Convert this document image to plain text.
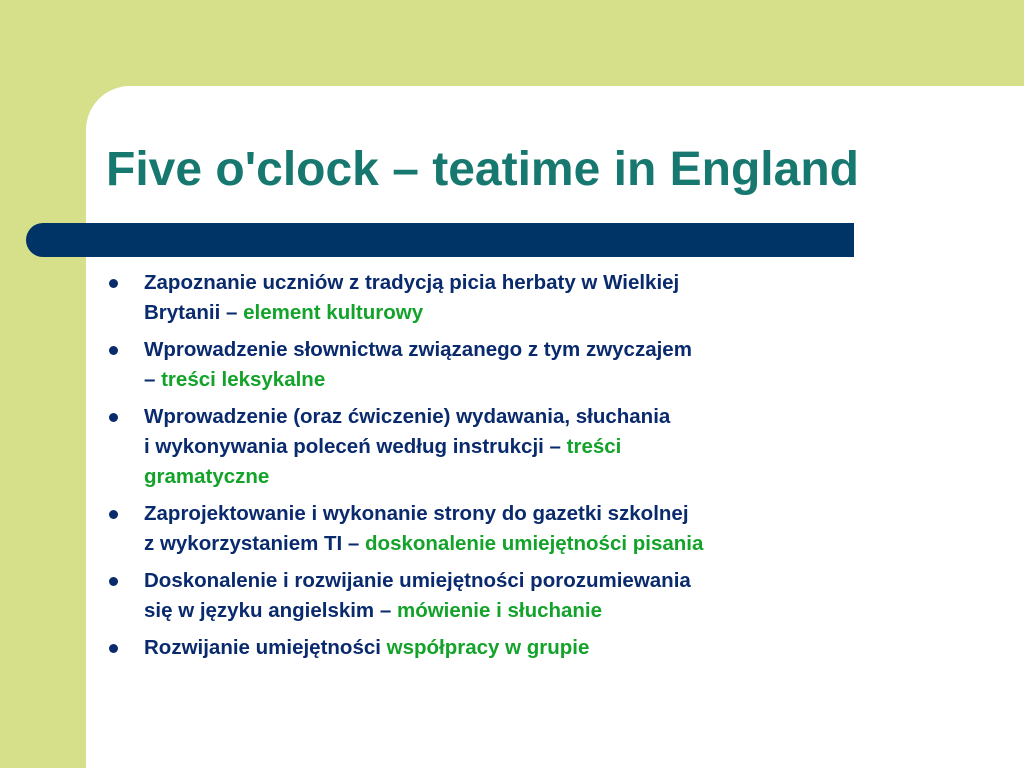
Five o'clock – teatime in England
Zapoznanie uczniów z tradycją picia herbaty w Wielkiej
Brytanii – element kulturowy
Wprowadzenie słownictwa związanego z tym zwyczajem
– treści leksykalne
Wprowadzenie (oraz ćwiczenie) wydawania, słuchania
i wykonywania poleceń według instrukcji – treści
gramatyczne
Zaprojektowanie i wykonanie strony do gazetki szkolnej
z wykorzystaniem TI – doskonalenie umiejętności pisania
Doskonalenie i rozwijanie umiejętności porozumiewania
się w języku angielskim – mówienie i słuchanie
Rozwijanie umiejętności współpracy w grupie
